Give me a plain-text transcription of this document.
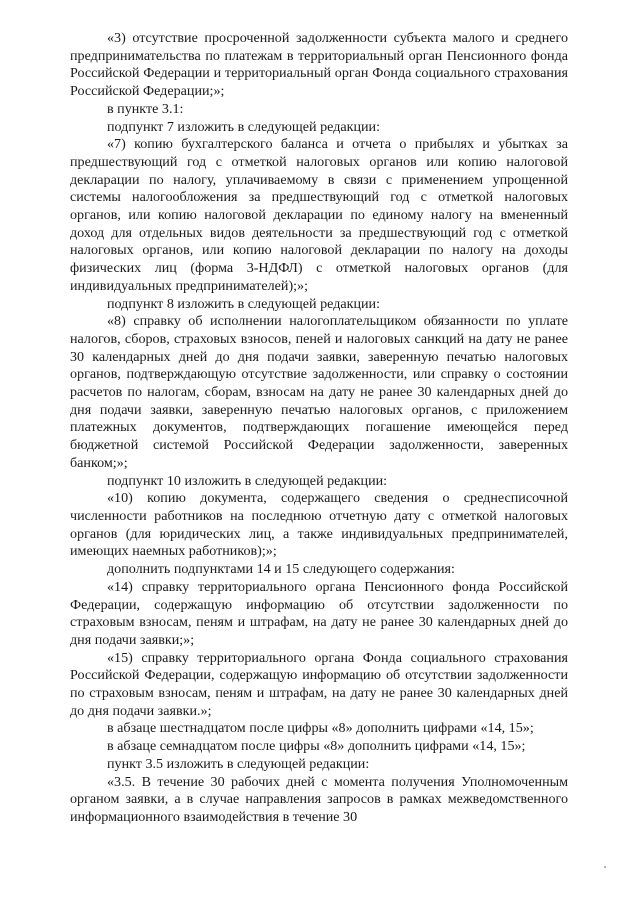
«3) отсутствие просроченной задолженности субъекта малого и среднего предпринимательства по платежам в территориальный орган Пенсионного фонда Российской Федерации и территориальный орган Фонда социального страхования Российской Федерации;»;

в пункте 3.1:

подпункт 7 изложить в следующей редакции:

«7) копию бухгалтерского баланса и отчета о прибылях и убытках за предшествующий год с отметкой налоговых органов или копию налоговой декларации по налогу, уплачиваемому в связи с применением упрощенной системы налогообложения за предшествующий год с отметкой налоговых органов, или копию налоговой декларации по единому налогу на вмененный доход для отдельных видов деятельности за предшествующий год с отметкой налоговых органов, или копию налоговой декларации по налогу на доходы физических лиц (форма 3-НДФЛ) с отметкой налоговых органов (для индивидуальных предпринимателей);»;

подпункт 8 изложить в следующей редакции:

«8) справку об исполнении налогоплательщиком обязанности по уплате налогов, сборов, страховых взносов, пеней и налоговых санкций на дату не ранее 30 календарных дней до дня подачи заявки, заверенную печатью налоговых органов, подтверждающую отсутствие задолженности, или справку о состоянии расчетов по налогам, сборам, взносам на дату не ранее 30 календарных дней до дня подачи заявки, заверенную печатью налоговых органов, с приложением платежных документов, подтверждающих погашение имеющейся перед бюджетной системой Российской Федерации задолженности, заверенных банком;»;

подпункт 10 изложить в следующей редакции:

«10) копию документа, содержащего сведения о среднесписочной численности работников на последнюю отчетную дату с отметкой налоговых органов (для юридических лиц, а также индивидуальных предпринимателей, имеющих наемных работников);»;

дополнить подпунктами 14 и 15 следующего содержания:

«14) справку территориального органа Пенсионного фонда Российской Федерации, содержащую информацию об отсутствии задолженности по страховым взносам, пеням и штрафам, на дату не ранее 30 календарных дней до дня подачи заявки;»;

«15) справку территориального органа Фонда социального страхования Российской Федерации, содержащую информацию об отсутствии задолженности по страховым взносам, пеням и штрафам, на дату не ранее 30 календарных дней до дня подачи заявки.»;

в абзаце шестнадцатом после цифры «8» дополнить цифрами «14, 15»;

в абзаце семнадцатом после цифры «8» дополнить цифрами «14, 15»;

пункт 3.5 изложить в следующей редакции:

«3.5. В течение 30 рабочих дней с момента получения Уполномоченным органом заявки, а в случае направления запросов в рамках межведомственного информационного взаимодействия в течение 30
